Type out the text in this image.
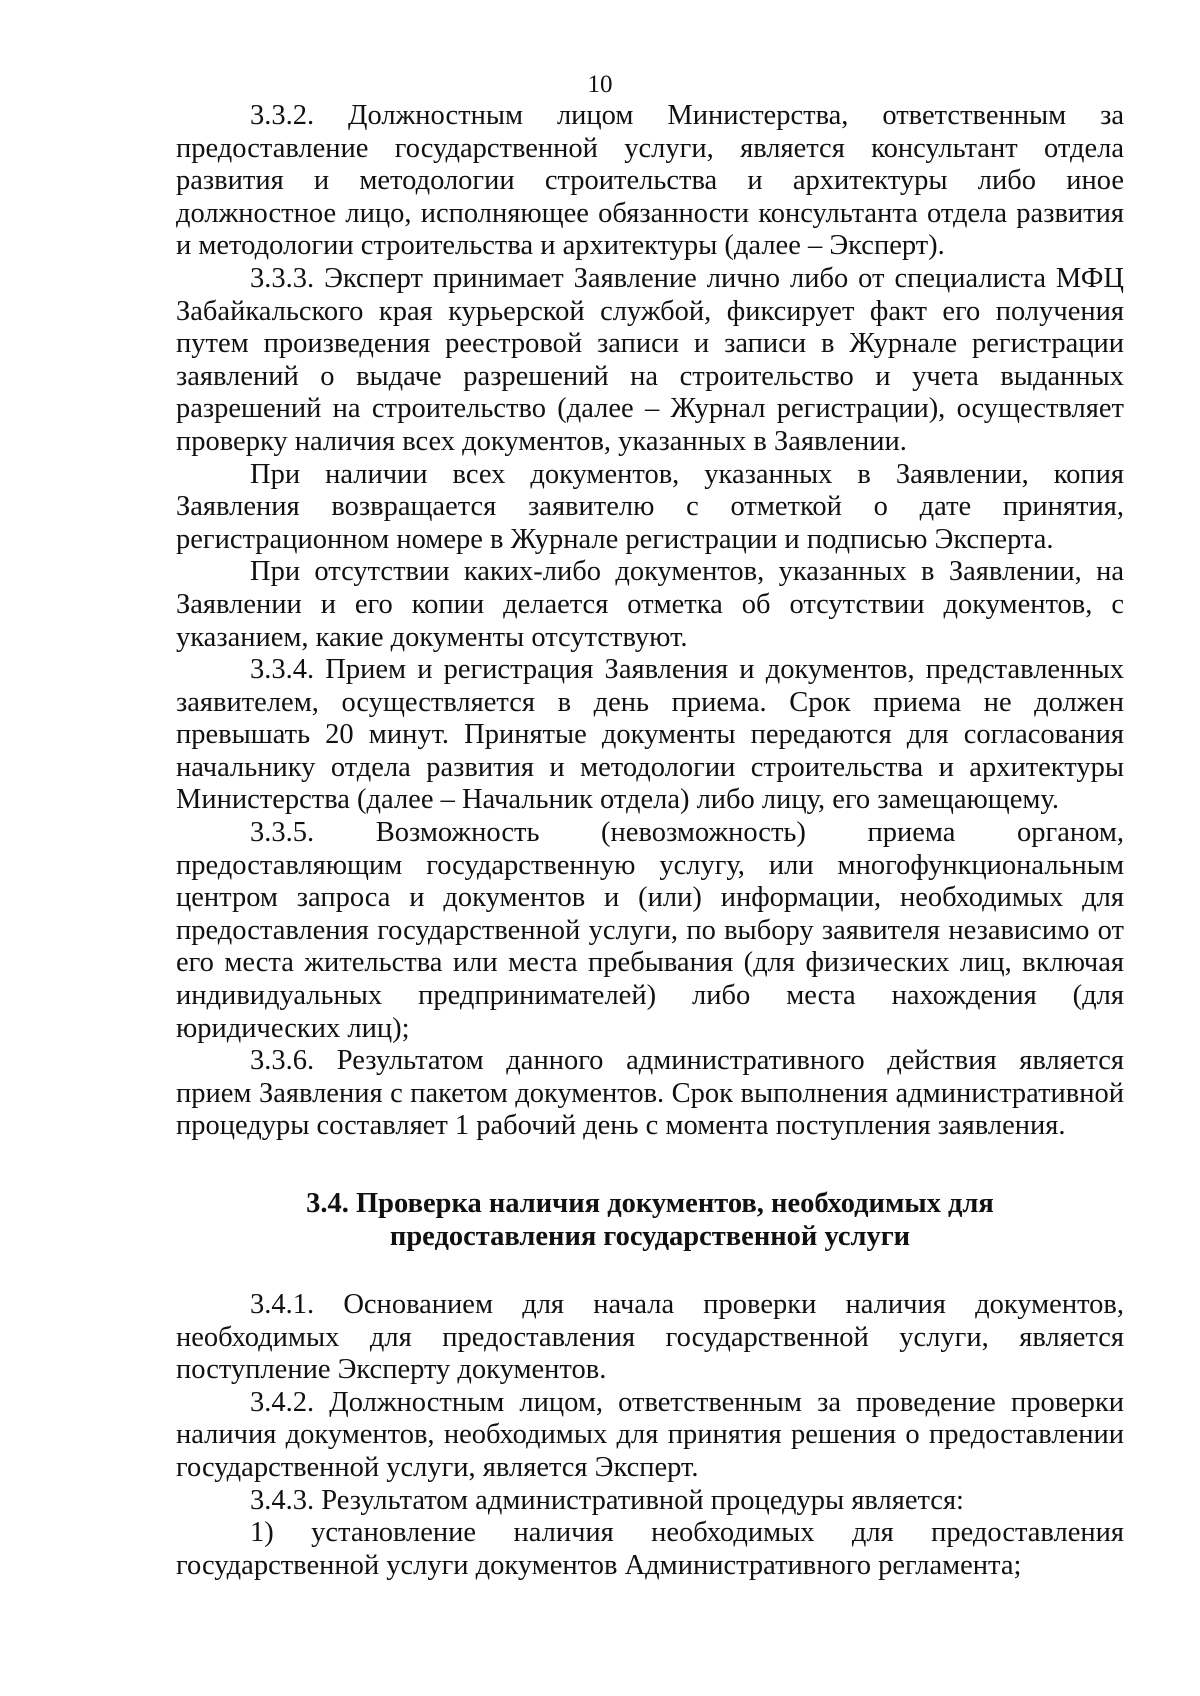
10

3.3.2. Должностным лицом Министерства, ответственным за предоставление государственной услуги, является консультант отдела развития и методологии строительства и архитектуры либо иное должностное лицо, исполняющее обязанности консультанта отдела развития и методологии строительства и архитектуры (далее – Эксперт).

3.3.3. Эксперт принимает Заявление лично либо от специалиста МФЦ Забайкальского края курьерской службой, фиксирует факт его получения путем произведения реестровой записи и записи в Журнале регистрации заявлений о выдаче разрешений на строительство и учета выданных разрешений на строительство (далее – Журнал регистрации), осуществляет проверку наличия всех документов, указанных в Заявлении.

При наличии всех документов, указанных в Заявлении, копия Заявления возвращается заявителю с отметкой о дате принятия, регистрационном номере в Журнале регистрации и подписью Эксперта.

При отсутствии каких-либо документов, указанных в Заявлении, на Заявлении и его копии делается отметка об отсутствии документов, с указанием, какие документы отсутствуют.

3.3.4. Прием и регистрация Заявления и документов, представленных заявителем, осуществляется в день приема. Срок приема не должен превышать 20 минут. Принятые документы передаются для согласования начальнику отдела развития и методологии строительства и архитектуры Министерства (далее – Начальник отдела) либо лицу, его замещающему.

3.3.5. Возможность (невозможность) приема органом, предоставляющим государственную услугу, или многофункциональным центром запроса и документов и (или) информации, необходимых для предоставления государственной услуги, по выбору заявителя независимо от его места жительства или места пребывания (для физических лиц, включая индивидуальных предпринимателей) либо места нахождения (для юридических лиц);

3.3.6. Результатом данного административного действия является прием Заявления с пакетом документов. Срок выполнения административной процедуры составляет 1 рабочий день с момента поступления заявления.

3.4. Проверка наличия документов, необходимых для
предоставления государственной услуги

3.4.1. Основанием для начала проверки наличия документов, необходимых для предоставления государственной услуги, является поступление Эксперту документов.

3.4.2. Должностным лицом, ответственным за проведение проверки наличия документов, необходимых для принятия решения о предоставлении государственной услуги, является Эксперт.

3.4.3. Результатом административной процедуры является:

1) установление наличия необходимых для предоставления государственной услуги документов Административного регламента;
